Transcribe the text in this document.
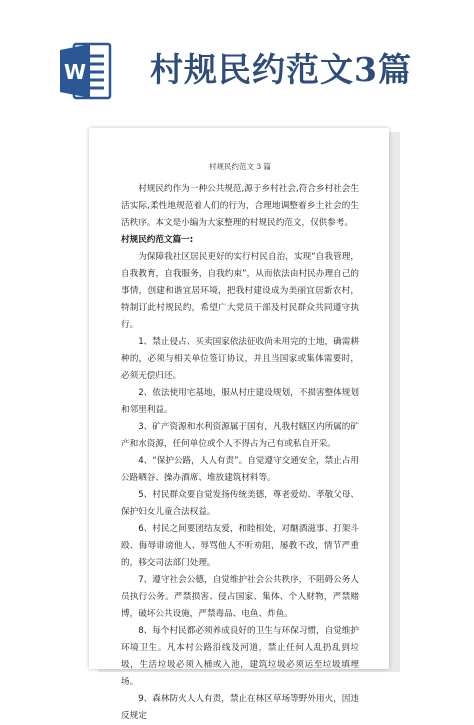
W 村规民约范文3篇
村规民约范文 3 篇

村规民约作为一种公共规范,源于乡村社会,符合乡村社会生活实际,柔性地规范着人们的行为，合理地调整着乡土社会的生活秩序。本文是小编为大家整理的村规民约范文，仅供参考。

村规民约范文篇一:

为保障我社区居民更好的实行村民自治，实现“自我管理，自我教育，自我服务，自我约束”，从而依法由村民办理自己的事情，创建和谐宜居环境，把我村建设成为美丽宜居新农村，特制订此村规民约，希望广大党员干部及村民群众共同遵守执行。

1、禁止侵占、买卖国家依法征收尚未用完的土地，确需耕种的，必须与相关单位签订协议，并且当国家或集体需要时，必须无偿归还。

2、依法使用宅基地，服从村庄建设规划，不损害整体规划和邻里利益。

3、矿产资源和水利资源属于国有，凡我村辖区内所属的矿产和水资源，任何单位或个人不得占为己有或私自开采。

4、“保护公路，人人有责”。自觉遵守交通安全，禁止占用公路晒谷、操办酒席、堆放建筑材料等。

5、村民群众要自觉发扬传统美德，尊老爱幼、孝敬父母、保护妇女儿童合法权益。

6、村民之间要团结友爱，和睦相处，对酗酒滋事、打架斗殴、侮辱诽谤他人、辱骂他人不听劝阻，屡教不改，情节严重的，移交司法部门处理。

7、遵守社会公德，自觉维护社会公共秩序，不阻碍公务人员执行公务。严禁损害、侵占国家、集体、个人财物，严禁赌博，破坏公共设施，严禁毒品、电鱼、炸鱼。

8、每个村民都必须养成良好的卫生与环保习惯，自觉维护环境卫生。凡本村公路沿线及河道，禁止任何人乱扔乱到垃圾，生活垃圾必须入桶或入池，建筑垃圾必须运至垃圾填埋场。

9、森林防火人人有责，禁止在林区草场等野外用火，因违反规定
